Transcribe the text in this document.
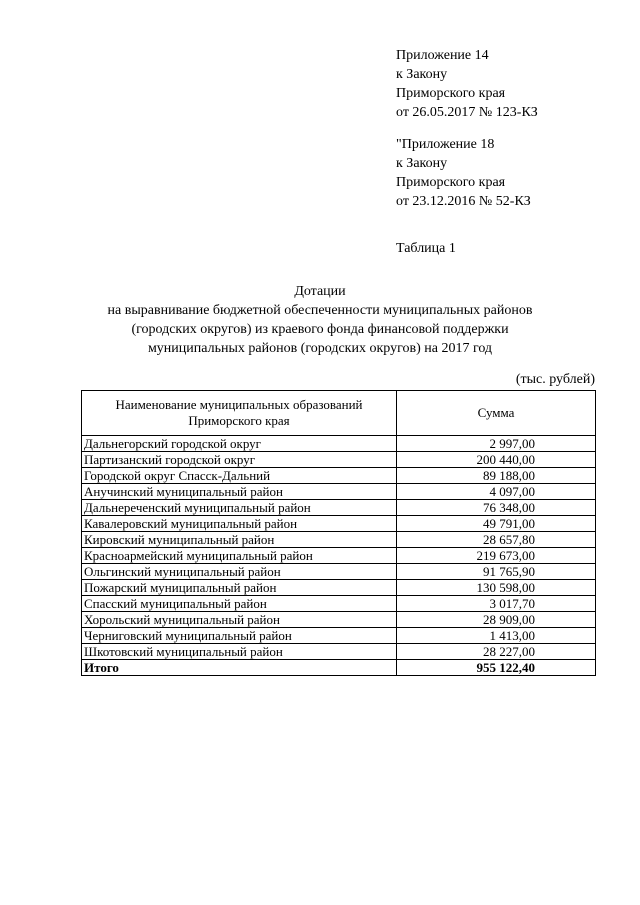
Приложение 14
к Закону
Приморского края
от 26.05.2017 № 123-КЗ
"Приложение 18
к Закону
Приморского края
от 23.12.2016 № 52-КЗ
Таблица 1
Дотации
на выравнивание бюджетной обеспеченности муниципальных районов
(городских округов) из краевого фонда финансовой поддержки
муниципальных районов (городских округов) на 2017 год
(тыс. рублей)
Наименование муниципальных образований Приморского края	Сумма
Дальнегорский городской округ	2 997,00
Партизанский городской округ	200 440,00
Городской округ Спасск-Дальний	89 188,00
Анучинский муниципальный район	4 097,00
Дальнереченский муниципальный район	76 348,00
Кавалеровский муниципальный район	49 791,00
Кировский муниципальный район	28 657,80
Красноармейский муниципальный район	219 673,00
Ольгинский муниципальный район	91 765,90
Пожарский муниципальный район	130 598,00
Спасский муниципальный район	3 017,70
Хорольский муниципальный район	28 909,00
Черниговский муниципальный район	1 413,00
Шкотовский муниципальный район	28 227,00
Итого	955 122,40
